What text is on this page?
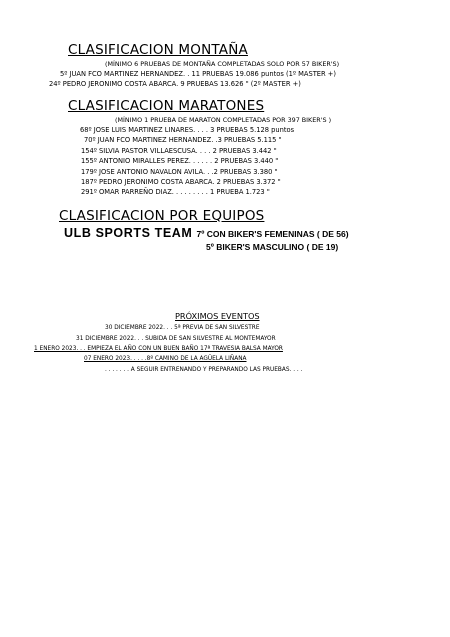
CLASIFICACION MONTAÑA
(MÍNIMO 6 PRUEBAS DE MONTAÑA COMPLETADAS SOLO POR 57 BIKER'S)
5º JUAN FCO MARTINEZ HERNANDEZ. . 11 PRUEBAS 19.086 puntos (1º MASTER +)
24º PEDRO JERONIMO COSTA ABARCA. 9 PRUEBAS 13.626 " (2º MASTER +)
CLASIFICACION MARATONES
(MÍNIMO 1 PRUEBA DE MARATON COMPLETADAS POR 397 BIKER'S )
68º JOSE LUIS MARTINEZ LINARES. . . . 3 PRUEBAS 5.128 puntos
70º JUAN FCO MARTINEZ HERNANDEZ. .3 PRUEBAS 5.115 "
154º SILVIA PASTOR VILLAESCUSA. . . . 2 PRUEBAS 3.442 "
155º ANTONIO MIRALLES PEREZ. . . . . . 2 PRUEBAS 3.440 "
179º JOSE ANTONIO NAVALON AVILA. . .2 PRUEBAS 3.380 "
187º PEDRO JERONIMO COSTA ABARCA. 2 PRUEBAS 3.372 "
291º OMAR PARREÑO DIAZ. . . . . . . . . 1 PRUEBA 1.723 "
CLASIFICACION POR EQUIPOS
ULB SPORTS TEAM 7º CON BIKER'S FEMENINAS ( DE 56)
5º BIKER'S MASCULINO ( DE 19)
PRÓXIMOS EVENTOS
30 DICIEMBRE 2022. . . 5ª PREVIA DE SAN SILVESTRE
31 DICIEMBRE 2022. . . SUBIDA DE SAN SILVESTRE AL MONTEMAYOR
1 ENERO 2023. . . EMPIEZA EL AÑO CON UN BUEN BAÑO 17ª TRAVESIA BALSA MAYOR
07 ENERO 2023. . . . .8º CAMINO DE LA AGÜELA LIÑANA
. . . . . . . A SEGUIR ENTRENANDO Y PREPARANDO LAS PRUEBAS. . . .
